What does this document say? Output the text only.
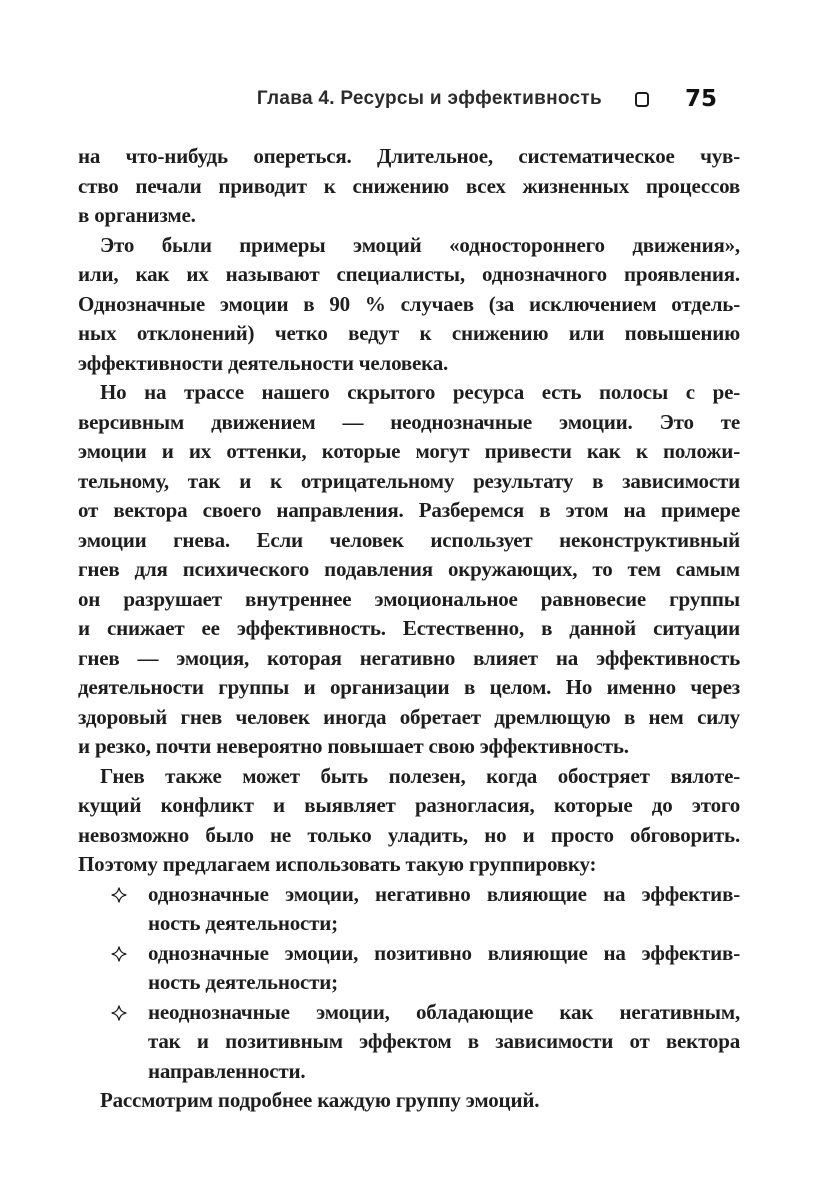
Глава 4. Ресурсы и эффективность	75
на что-нибудь опереться. Длительное, систематическое чув-
ство печали приводит к снижению всех жизненных процессов
в организме.
Это были примеры эмоций «одностороннего движения»,
или, как их называют специалисты, однозначного проявления.
Однозначные эмоции в 90 % случаев (за исключением отдель-
ных отклонений) четко ведут к снижению или повышению
эффективности деятельности человека.
Но на трассе нашего скрытого ресурса есть полосы с ре-
версивным движением — неоднозначные эмоции. Это те
эмоции и их оттенки, которые могут привести как к положи-
тельному, так и к отрицательному результату в зависимости
от вектора своего направления. Разберемся в этом на примере
эмоции гнева. Если человек использует неконструктивный
гнев для психического подавления окружающих, то тем самым
он разрушает внутреннее эмоциональное равновесие группы
и снижает ее эффективность. Естественно, в данной ситуации
гнев — эмоция, которая негативно влияет на эффективность
деятельности группы и организации в целом. Но именно через
здоровый гнев человек иногда обретает дремлющую в нем силу
и резко, почти невероятно повышает свою эффективность.
Гнев также может быть полезен, когда обостряет вялоте-
кущий конфликт и выявляет разногласия, которые до этого
невозможно было не только уладить, но и просто обговорить.
Поэтому предлагаем использовать такую группировку:
однозначные эмоции, негативно влияющие на эффектив-
ность деятельности;
однозначные эмоции, позитивно влияющие на эффектив-
ность деятельности;
неоднозначные эмоции, обладающие как негативным,
так и позитивным эффектом в зависимости от вектора
направленности.
Рассмотрим подробнее каждую группу эмоций.
